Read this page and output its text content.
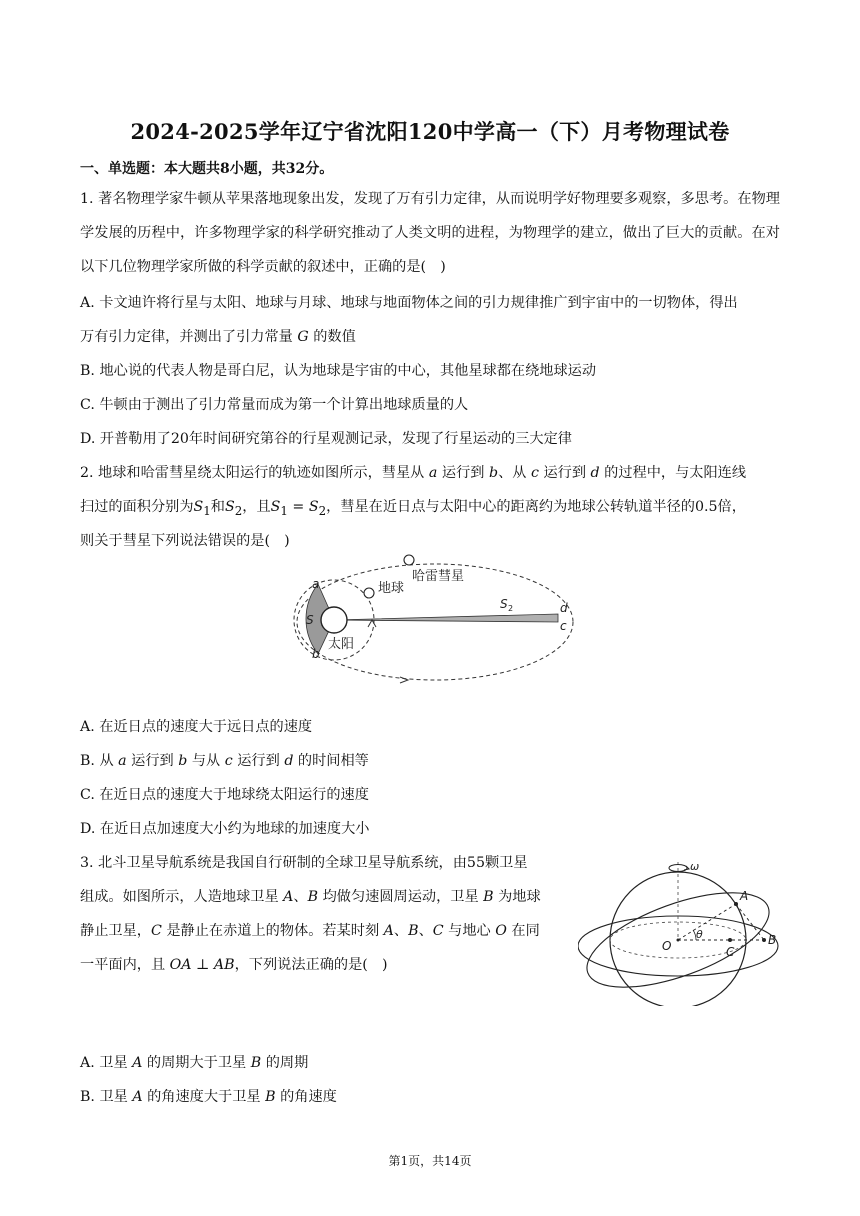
2024-2025学年辽宁省沈阳120中学高一（下）月考物理试卷
一、单选题：本大题共8小题，共32分。
1. 著名物理学家牛顿从苹果落地现象出发，发现了万有引力定律，从而说明学好物理要多观察，多思考。在物理学发展的历程中，许多物理学家的科学研究推动了人类文明的进程，为物理学的建立，做出了巨大的贡献。在对以下几位物理学家所做的科学贡献的叙述中，正确的是(　)
A. 卡文迪许将行星与太阳、地球与月球、地球与地面物体之间的引力规律推广到宇宙中的一切物体，得出
万有引力定律，并测出了引力常量 G 的数值
B. 地心说的代表人物是哥白尼，认为地球是宇宙的中心，其他星球都在绕地球运动
C. 牛顿由于测出了引力常量而成为第一个计算出地球质量的人
D. 开普勒用了20年时间研究第谷的行星观测记录，发现了行星运动的三大定律
2. 地球和哈雷彗星绕太阳运行的轨迹如图所示，彗星从 a 运行到 b、从 c 运行到 d 的过程中，与太阳连线
扫过的面积分别为$S_1$和$S_2$，且$S_1 = S_2$，彗星在近日点与太阳中心的距离约为地球公转轨道半径的0.5倍，
则关于彗星下列说法错误的是(　)
哈雷彗星
地球
太阳
a
b
d
c
S
S 2
A. 在近日点的速度大于远日点的速度
B. 从 a 运行到 b 与从 c 运行到 d 的时间相等
C. 在近日点的速度大于地球绕太阳运行的速度
D. 在近日点加速度大小约为地球的加速度大小
3. 北斗卫星导航系统是我国自行研制的全球卫星导航系统，由55颗卫星
组成。如图所示，人造地球卫星 A、B 均做匀速圆周运动，卫星 B 为地球
静止卫星，C 是静止在赤道上的物体。若某时刻 A、B、C 与地心 O 在同
一平面内，且 OA ⊥ AB，下列说法正确的是(　)
ω
A
B
C
O
θ
A. 卫星 A 的周期大于卫星 B 的周期
B. 卫星 A 的角速度大于卫星 B 的角速度
第1页，共14页
